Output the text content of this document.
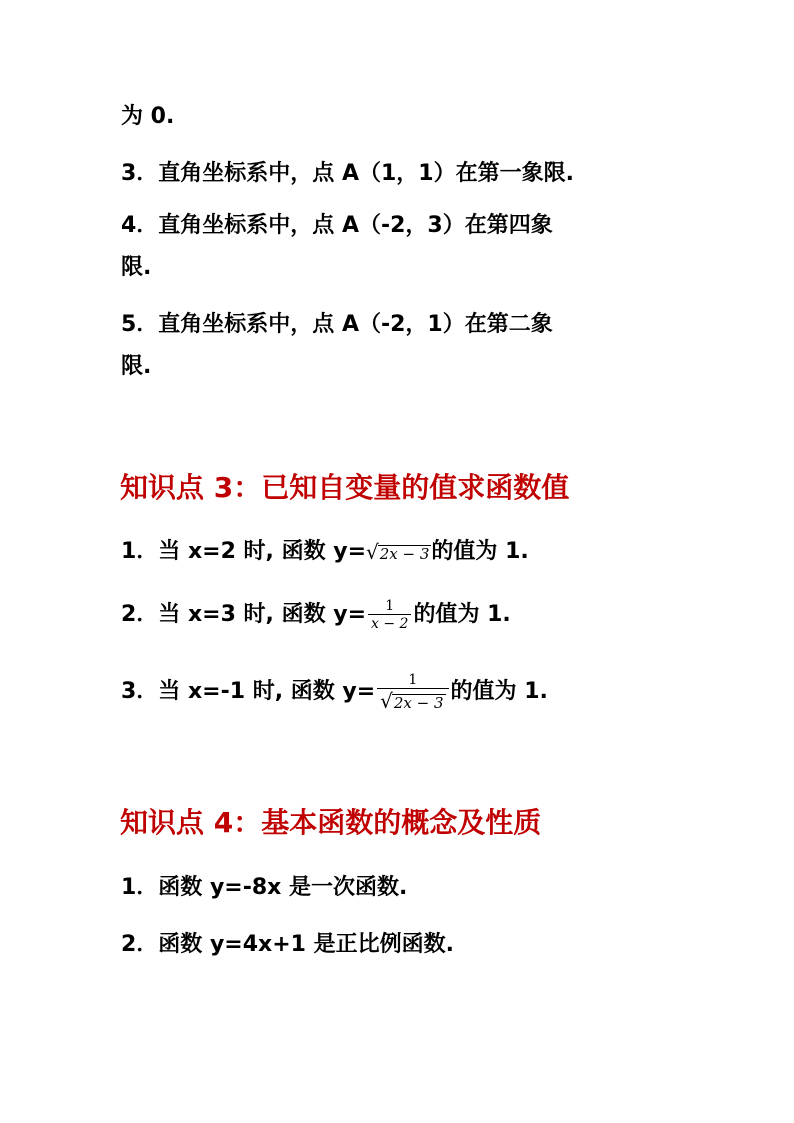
为 0.
3．直角坐标系中，点 A（1，1）在第一象限.
4．直角坐标系中，点 A（-2，3）在第四象
限.
5．直角坐标系中，点 A（-2，1）在第二象
限.
知识点 3：已知自变量的值求函数值
1．当 x=2 时, 函数 y= √ 2x − 3 的值为 1.
2．当 x=3 时, 函数 $y= \frac{1}{x - 2}$ 的值为 1.
3．当 x=-1 时, 函数 $y= \frac{1}{√ 2x - 3}$ 的值为 1.
知识点 4：基本函数的概念及性质
1．函数 y=-8x 是一次函数.
2．函数 y=4x+1 是正比例函数.
